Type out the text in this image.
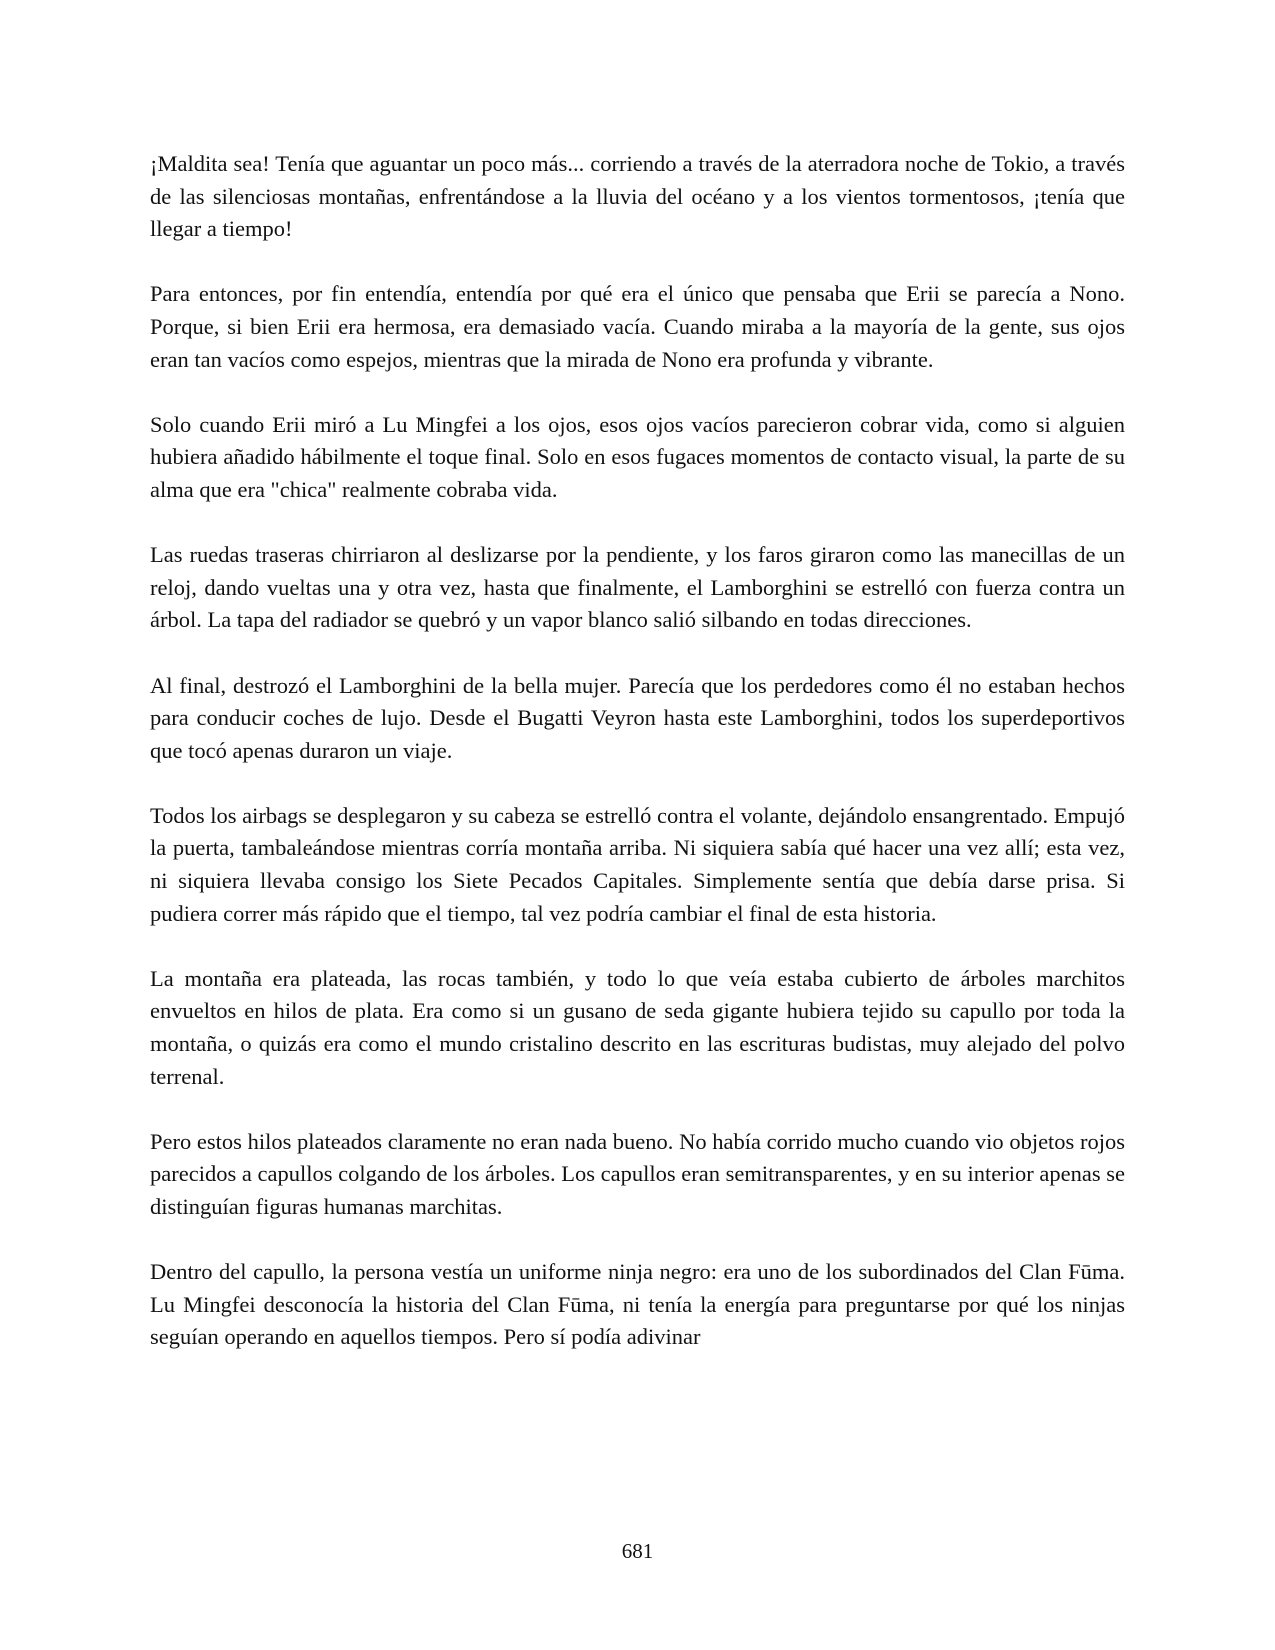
¡Maldita sea! Tenía que aguantar un poco más... corriendo a través de la aterradora noche de Tokio, a través de las silenciosas montañas, enfrentándose a la lluvia del océano y a los vientos tormentosos, ¡tenía que llegar a tiempo!

Para entonces, por fin entendía, entendía por qué era el único que pensaba que Erii se parecía a Nono. Porque, si bien Erii era hermosa, era demasiado vacía. Cuando miraba a la mayoría de la gente, sus ojos eran tan vacíos como espejos, mientras que la mirada de Nono era profunda y vibrante.

Solo cuando Erii miró a Lu Mingfei a los ojos, esos ojos vacíos parecieron cobrar vida, como si alguien hubiera añadido hábilmente el toque final. Solo en esos fugaces momentos de contacto visual, la parte de su alma que era "chica" realmente cobraba vida.

Las ruedas traseras chirriaron al deslizarse por la pendiente, y los faros giraron como las manecillas de un reloj, dando vueltas una y otra vez, hasta que finalmente, el Lamborghini se estrelló con fuerza contra un árbol. La tapa del radiador se quebró y un vapor blanco salió silbando en todas direcciones.

Al final, destrozó el Lamborghini de la bella mujer. Parecía que los perdedores como él no estaban hechos para conducir coches de lujo. Desde el Bugatti Veyron hasta este Lamborghini, todos los superdeportivos que tocó apenas duraron un viaje.

Todos los airbags se desplegaron y su cabeza se estrelló contra el volante, dejándolo ensangrentado. Empujó la puerta, tambaleándose mientras corría montaña arriba. Ni siquiera sabía qué hacer una vez allí; esta vez, ni siquiera llevaba consigo los Siete Pecados Capitales. Simplemente sentía que debía darse prisa. Si pudiera correr más rápido que el tiempo, tal vez podría cambiar el final de esta historia.

La montaña era plateada, las rocas también, y todo lo que veía estaba cubierto de árboles marchitos envueltos en hilos de plata. Era como si un gusano de seda gigante hubiera tejido su capullo por toda la montaña, o quizás era como el mundo cristalino descrito en las escrituras budistas, muy alejado del polvo terrenal.

Pero estos hilos plateados claramente no eran nada bueno. No había corrido mucho cuando vio objetos rojos parecidos a capullos colgando de los árboles. Los capullos eran semitransparentes, y en su interior apenas se distinguían figuras humanas marchitas.

Dentro del capullo, la persona vestía un uniforme ninja negro: era uno de los subordinados del Clan Fūma. Lu Mingfei desconocía la historia del Clan Fūma, ni tenía la energía para preguntarse por qué los ninjas seguían operando en aquellos tiempos. Pero sí podía adivinar

681
